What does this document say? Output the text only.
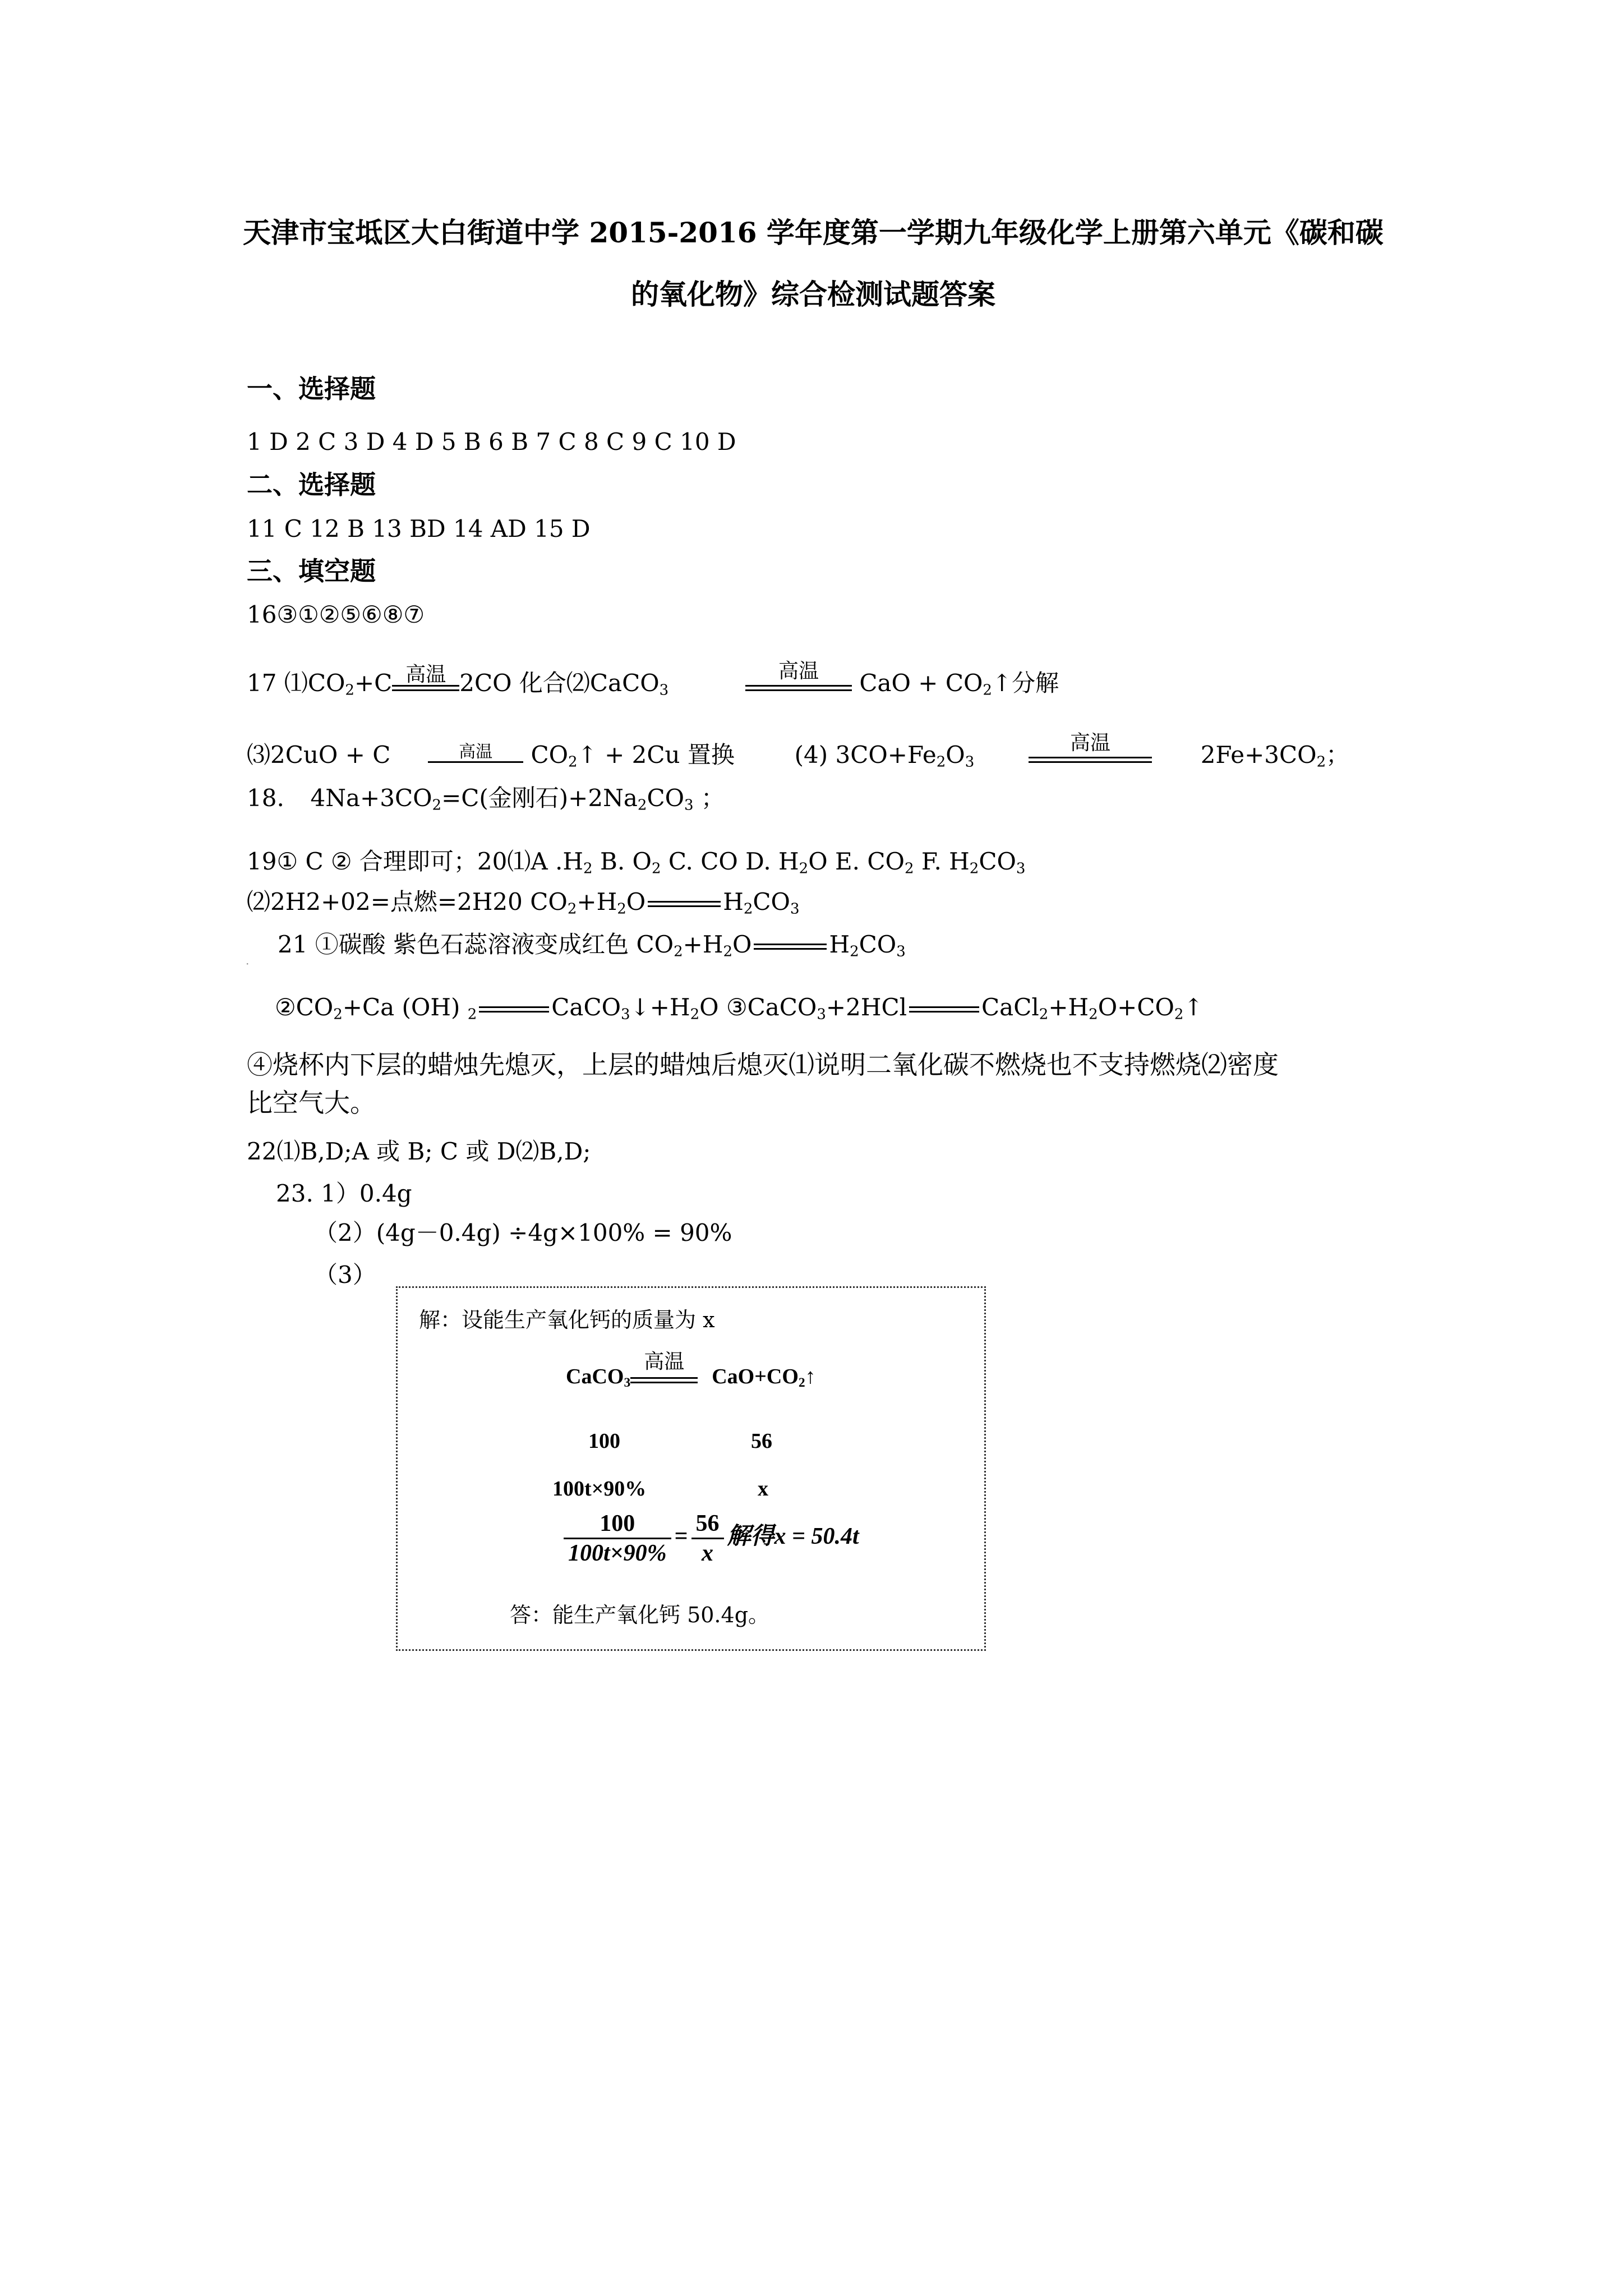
天津市宝坻区大白街道中学 2015-2016 学年度第一学期九年级化学上册第六单元《碳和碳
的氧化物》综合检测试题答案
一、选择题
1 D 2 C 3 D 4 D 5 B 6 B 7 C 8 C 9 C 10 D
二、选择题
11 C 12 B 13 BD 14 AD 15 D
三、填空题
16③①②⑤⑥⑧⑦
17 $⑴CO_2+C$ 高温 2CO 化合⑵CaCO$_3$
高温	CaO + $CO_2↑$分解
⑶2CuO + C	高温	$CO_2↑ + 2Cu$ 置换	(4) $3CO+Fe_2O_3$
高温	$2Fe+3CO_2$；
18. $4Na+3CO_2=C$(金刚石)$+2Na_2CO_3$ ；
19① C ② 合理即可；20⑴A $.H_2$ B. $O_2$ C. CO D. $H_2O$ E. $CO_2$ F. $H_2CO_3$
⑵2H2+02=点燃=2H20 $CO_2+H_2O$	$H_2CO_3$
21 ①碳酸 紫色石蕊溶液变成红色 $CO_2+H_2O$	$H_2CO_3$
·
$②CO_2+Ca$ (OH) $_2$	$CaCO_3↓+H_2O$ ③CaCO$_3$+2HCl	$CaCl_2+H_2O+CO_2↑$
④烧杯内下层的蜡烛先熄灭，上层的蜡烛后熄灭⑴说明二氧化碳不燃烧也不支持燃烧⑵密度
比空气大。
22⑴B,D;A 或 B; C 或 D⑵B,D;
23. 1）0.4g
（2）(4g－0.4g) ÷4g×100% = 90%
（3）
解：设能生产氧化钙的质量为 x
CaCO$_3$
高温
$CaO+CO_2↑$
100	56
100t×90%	x
$\frac{100}{100t\times 90\%} = \frac{56}{x}$ 解得x = 50.4t
答：能生产氧化钙 50.4g。
